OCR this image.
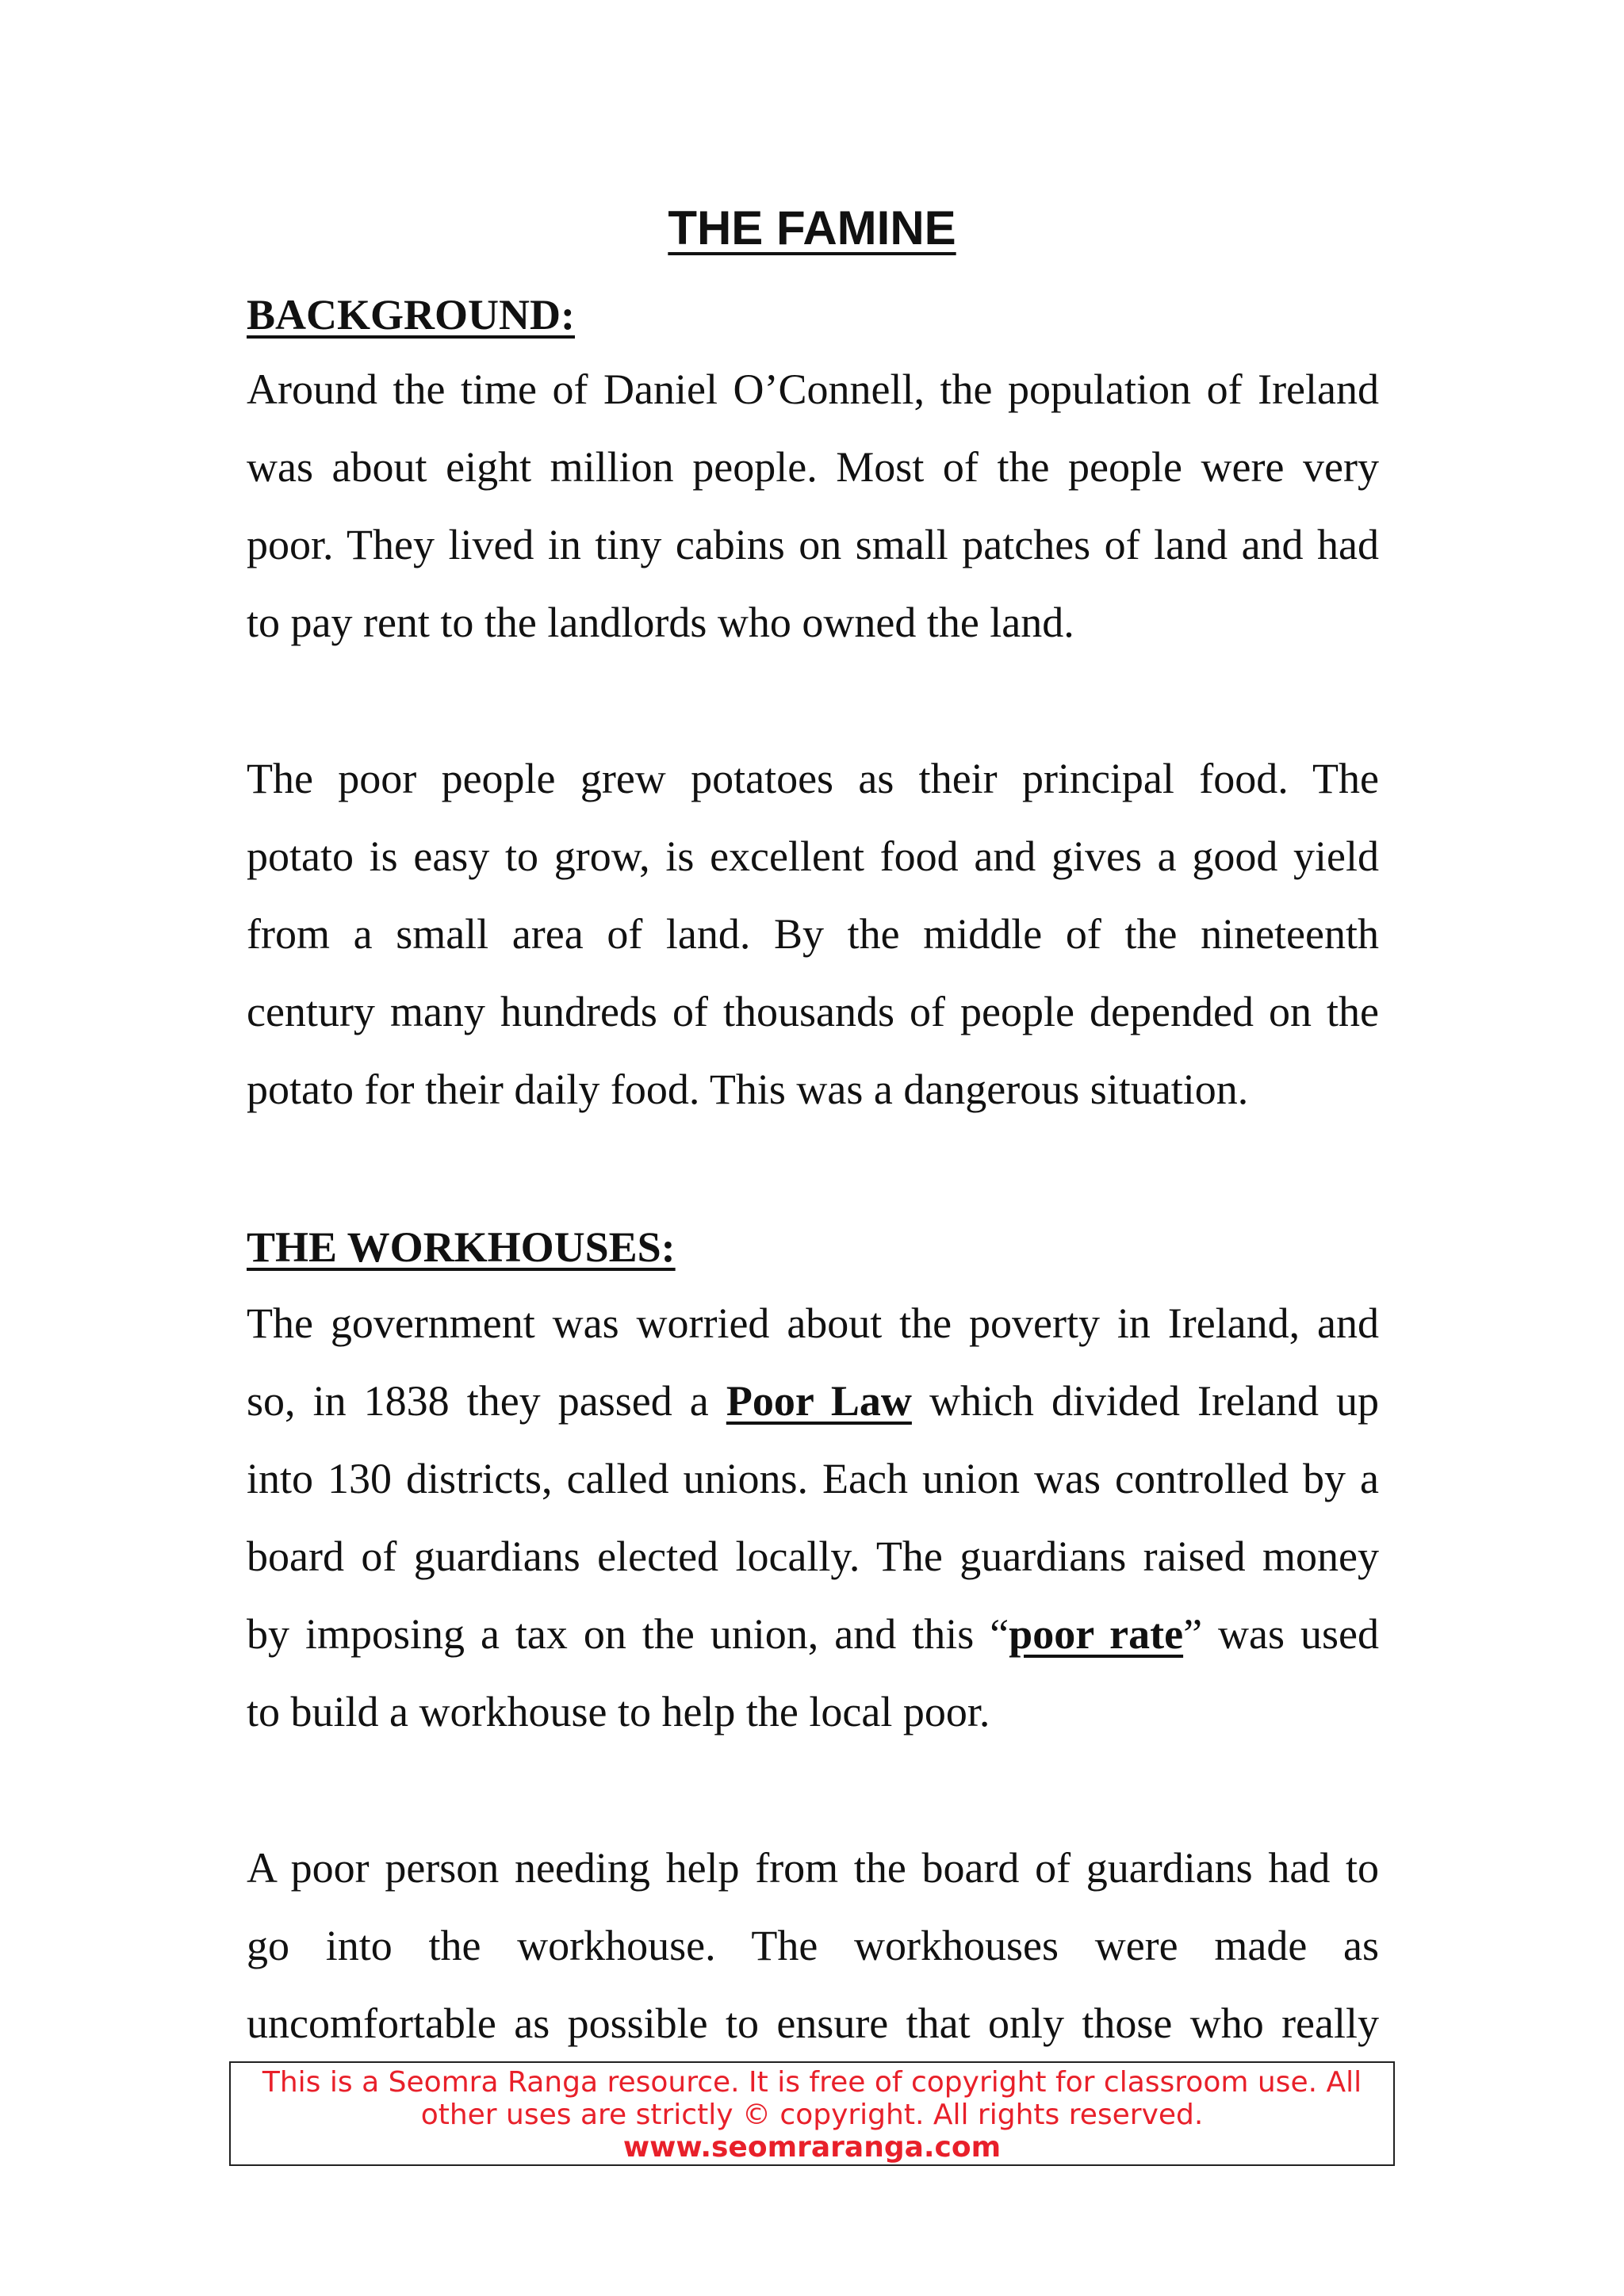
THE FAMINE
BACKGROUND:
Around the time of Daniel O’Connell, the population of Ireland
was about eight million people. Most of the people were very
poor. They lived in tiny cabins on small patches of land and had
to pay rent to the landlords who owned the land.
The poor people grew potatoes as their principal food. The
potato is easy to grow, is excellent food and gives a good yield
from a small area of land. By the middle of the nineteenth
century many hundreds of thousands of people depended on the
potato for their daily food. This was a dangerous situation.
THE WORKHOUSES:
The government was worried about the poverty in Ireland, and
so, in 1838 they passed a Poor Law which divided Ireland up
into 130 districts, called unions. Each union was controlled by a
board of guardians elected locally. The guardians raised money
by imposing a tax on the union, and this “poor rate” was used
to build a workhouse to help the local poor.
A poor person needing help from the board of guardians had to
go into the workhouse. The workhouses were made as
uncomfortable as possible to ensure that only those who really
This is a Seomra Ranga resource. It is free of copyright for classroom use. All
other uses are strictly © copyright. All rights reserved.
www.seomraranga.com
